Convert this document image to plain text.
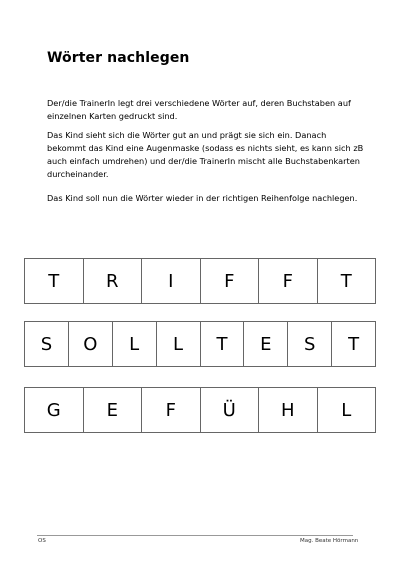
Wörter nachlegen

Der/die TrainerIn legt drei verschiedene Wörter auf, deren Buchstaben auf einzelnen Karten gedruckt sind.

Das Kind sieht sich die Wörter gut an und prägt sie sich ein. Danach bekommt das Kind eine Augenmaske (sodass es nichts sieht, es kann sich zB auch einfach umdrehen) und der/die TrainerIn mischt alle Buchstabenkarten durcheinander.

Das Kind soll nun die Wörter wieder in der richtigen Reihenfolge nachlegen.

T	R	I	F	F	T
S	O	L	L	T	E	S	T
G	E	F	Ü	H	L
OS	Mag. Beate Hörmann
